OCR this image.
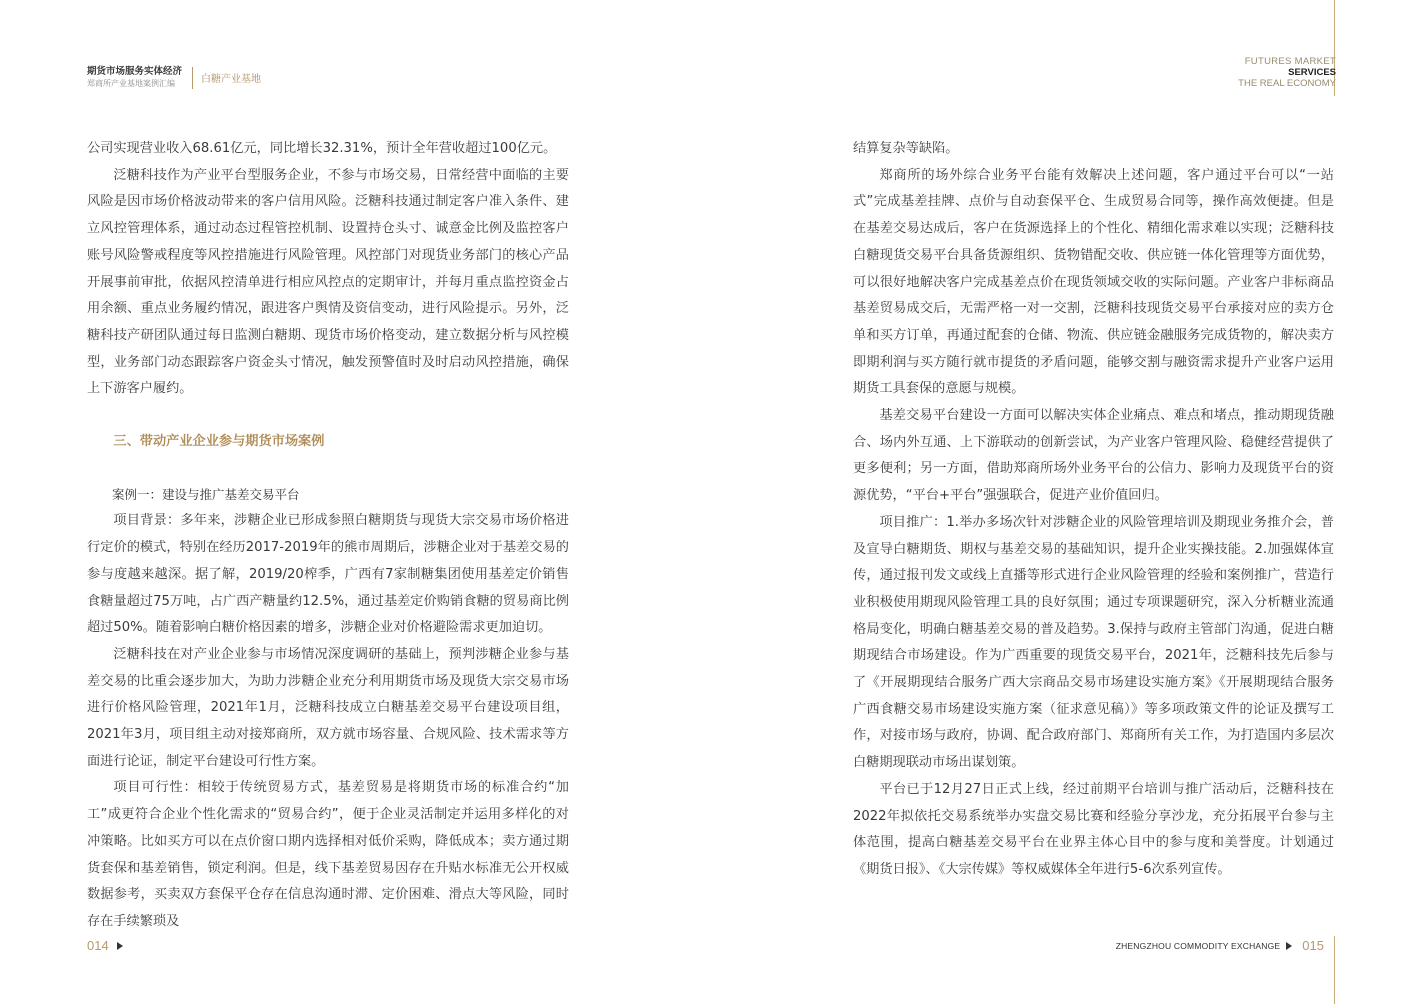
期货市场服务实体经济
郑商所产业基地案例汇编	白糖产业基地

公司实现营业收入68.61亿元，同比增长32.31%，预计全年营收超过100亿元。

泛糖科技作为产业平台型服务企业，不参与市场交易，日常经营中面临的主要风险是因市场价格波动带来的客户信用风险。泛糖科技通过制定客户准入条件、建立风控管理体系，通过动态过程管控机制、设置持仓头寸、诚意金比例及监控客户账号风险警戒程度等风控措施进行风险管理。风控部门对现货业务部门的核心产品开展事前审批，依据风控清单进行相应风控点的定期审计，并每月重点监控资金占用余额、重点业务履约情况，跟进客户舆情及资信变动，进行风险提示。另外，泛糖科技产研团队通过每日监测白糖期、现货市场价格变动，建立数据分析与风控模型，业务部门动态跟踪客户资金头寸情况，触发预警值时及时启动风控措施，确保上下游客户履约。

三、带动产业企业参与期货市场案例

案例一：建设与推广基差交易平台

项目背景：多年来，涉糖企业已形成参照白糖期货与现货大宗交易市场价格进行定价的模式，特别在经历2017-2019年的熊市周期后，涉糖企业对于基差交易的参与度越来越深。据了解，2019/20榨季，广西有7家制糖集团使用基差定价销售食糖量超过75万吨，占广西产糖量约12.5%，通过基差定价购销食糖的贸易商比例超过50%。随着影响白糖价格因素的增多，涉糖企业对价格避险需求更加迫切。

泛糖科技在对产业企业参与市场情况深度调研的基础上，预判涉糖企业参与基差交易的比重会逐步加大，为助力涉糖企业充分利用期货市场及现货大宗交易市场进行价格风险管理，2021年1月，泛糖科技成立白糖基差交易平台建设项目组，2021年3月，项目组主动对接郑商所，双方就市场容量、合规风险、技术需求等方面进行论证，制定平台建设可行性方案。

项目可行性：相较于传统贸易方式，基差贸易是将期货市场的标准合约“加工”成更符合企业个性化需求的“贸易合约”，便于企业灵活制定并运用多样化的对冲策略。比如买方可以在点价窗口期内选择相对低价采购，降低成本；卖方通过期货套保和基差销售，锁定利润。但是，线下基差贸易因存在升贴水标准无公开权威数据参考，买卖双方套保平仓存在信息沟通时滞、定价困难、滑点大等风险，同时存在手续繁琐及

014
FUTURES MARKET
SERVICES
THE REAL ECONOMY

结算复杂等缺陷。

郑商所的场外综合业务平台能有效解决上述问题，客户通过平台可以“一站式”完成基差挂牌、点价与自动套保平仓、生成贸易合同等，操作高效便捷。但是在基差交易达成后，客户在货源选择上的个性化、精细化需求难以实现；泛糖科技白糖现货交易平台具备货源组织、货物错配交收、供应链一体化管理等方面优势，可以很好地解决客户完成基差点价在现货领域交收的实际问题。产业客户非标商品基差贸易成交后，无需严格一对一交割，泛糖科技现货交易平台承接对应的卖方仓单和买方订单，再通过配套的仓储、物流、供应链金融服务完成货物的，解决卖方即期利润与买方随行就市提货的矛盾问题，能够交割与融资需求提升产业客户运用期货工具套保的意愿与规模。

基差交易平台建设一方面可以解决实体企业痛点、难点和堵点，推动期现货融合、场内外互通、上下游联动的创新尝试，为产业客户管理风险、稳健经营提供了更多便利；另一方面，借助郑商所场外业务平台的公信力、影响力及现货平台的资源优势，“平台+平台”强强联合，促进产业价值回归。

项目推广：1.举办多场次针对涉糖企业的风险管理培训及期现业务推介会，普及宣导白糖期货、期权与基差交易的基础知识，提升企业实操技能。2.加强媒体宣传，通过报刊发文或线上直播等形式进行企业风险管理的经验和案例推广，营造行业积极使用期现风险管理工具的良好氛围；通过专项课题研究，深入分析糖业流通格局变化，明确白糖基差交易的普及趋势。3.保持与政府主管部门沟通，促进白糖期现结合市场建设。作为广西重要的现货交易平台，2021年，泛糖科技先后参与了《开展期现结合服务广西大宗商品交易市场建设实施方案》《开展期现结合服务广西食糖交易市场建设实施方案（征求意见稿）》等多项政策文件的论证及撰写工作，对接市场与政府，协调、配合政府部门、郑商所有关工作，为打造国内多层次白糖期现联动市场出谋划策。

平台已于12月27日正式上线，经过前期平台培训与推广活动后，泛糖科技在2022年拟依托交易系统举办实盘交易比赛和经验分享沙龙，充分拓展平台参与主体范围，提高白糖基差交易平台在业界主体心目中的参与度和美誉度。计划通过《期货日报》、《大宗传媒》等权威媒体全年进行5-6次系列宣传。

ZHENGZHOU COMMODITY EXCHANGE 015
